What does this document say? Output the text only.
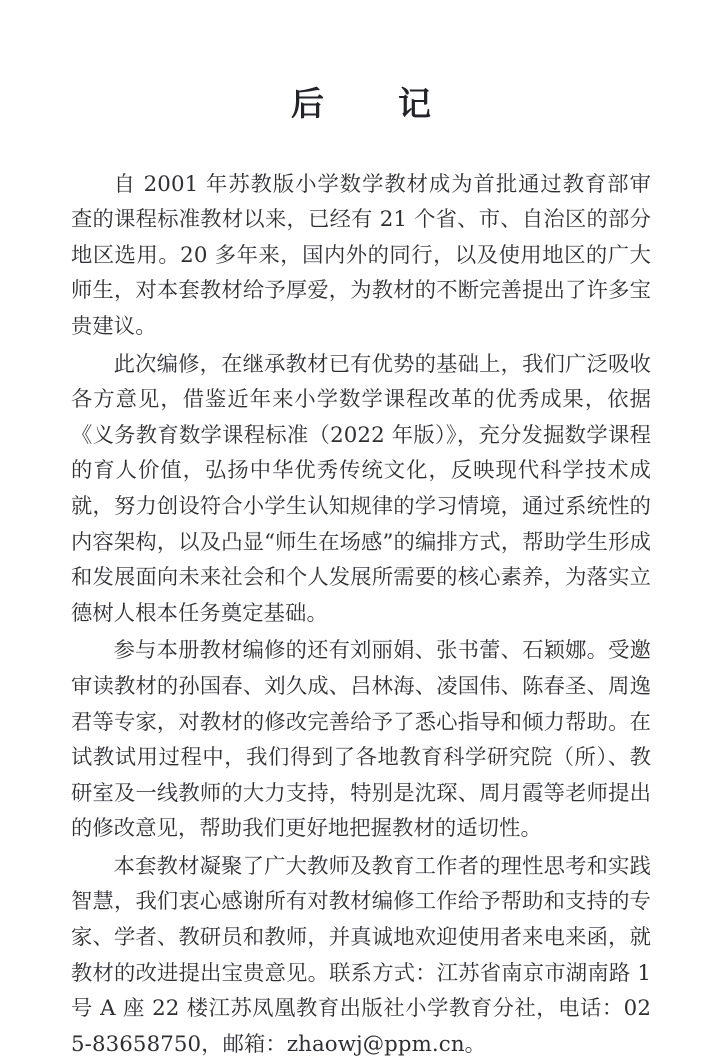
后　记

自 2001 年苏教版小学数学教材成为首批通过教育部审查的课程标准教材以来，已经有 21 个省、市、自治区的部分地区选用。20 多年来，国内外的同行，以及使用地区的广大师生，对本套教材给予厚爱，为教材的不断完善提出了许多宝贵建议。

此次编修，在继承教材已有优势的基础上，我们广泛吸收各方意见，借鉴近年来小学数学课程改革的优秀成果，依据《义务教育数学课程标准（2022 年版）》，充分发掘数学课程的育人价值，弘扬中华优秀传统文化，反映现代科学技术成就，努力创设符合小学生认知规律的学习情境，通过系统性的内容架构，以及凸显“师生在场感”的编排方式，帮助学生形成和发展面向未来社会和个人发展所需要的核心素养，为落实立德树人根本任务奠定基础。

参与本册教材编修的还有刘丽娟、张书蕾、石颖娜。受邀审读教材的孙国春、刘久成、吕林海、凌国伟、陈春圣、周逸君等专家，对教材的修改完善给予了悉心指导和倾力帮助。在试教试用过程中，我们得到了各地教育科学研究院（所）、教研室及一线教师的大力支持，特别是沈琛、周月霞等老师提出的修改意见，帮助我们更好地把握教材的适切性。

本套教材凝聚了广大教师及教育工作者的理性思考和实践智慧，我们衷心感谢所有对教材编修工作给予帮助和支持的专家、学者、教研员和教师，并真诚地欢迎使用者来电来函，就教材的改进提出宝贵意见。联系方式：江苏省南京市湖南路 1 号 A 座 22 楼江苏凤凰教育出版社小学教育分社，电话：025-83658750，邮箱：zhaowj@ppm.cn。
